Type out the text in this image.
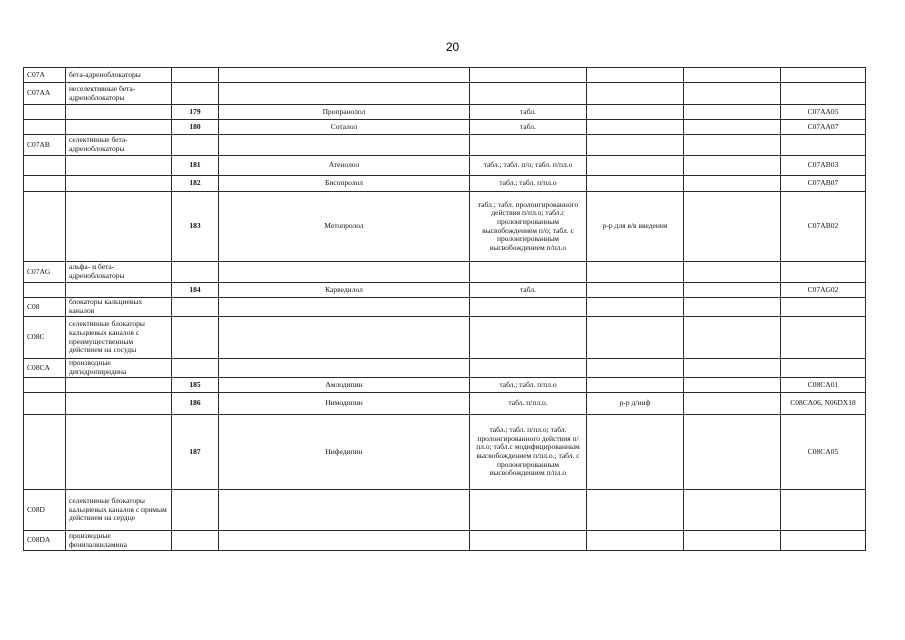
20
C07A	бета-адреноблокаторы						
C07AA	неселективные бета-адреноблокаторы						
		179	Пропранолол	табл.			C07AA05
		180	Соталол	табл.			C07AA07
C07AB	селективные бета-адреноблокаторы						
		181	Атенолол	табл.; табл. п/о; табл. п/пл.о			C07AB03
		182	Бисопролол	табл.; табл. п/пл.о			C07AB07
		183	Метопролол	табл.; табл. пролонгированного действия п/пл.о; табл.с пролонгированным высвобождением п/о; табл. с пролонгированным высвобождением п/пл.о	р-р для в/в введения		C07AB02
C07AG	альфа- и бета-адреноблокаторы						
		184	Карведилол	табл.			C07AG02
C08	блокаторы кальциевых каналов						
C08C	селективные блокаторы кальциевых каналов с преимущественным действием на сосуды						
C08CA	производные дигидропиридина						
		185	Амлодипин	табл.; табл. п/пл.о			C08CA01
		186	Нимодипин	табл. п/пл.о.	р-р д/инф		C08CA06, N06DX18
		187	Нифедипин	табл.; табл. п/пл.о; табл. пролонгированного действия п/пл.о; табл.с модифицированным высвобождением п/пл.о.; табл. с пролонгированным высвобождением п/пл.о			C08CA05
C08D	селективные блокаторы кальциевых каналов с прямым действием на сердце						
C08DA	производные фенилалкиламина						
